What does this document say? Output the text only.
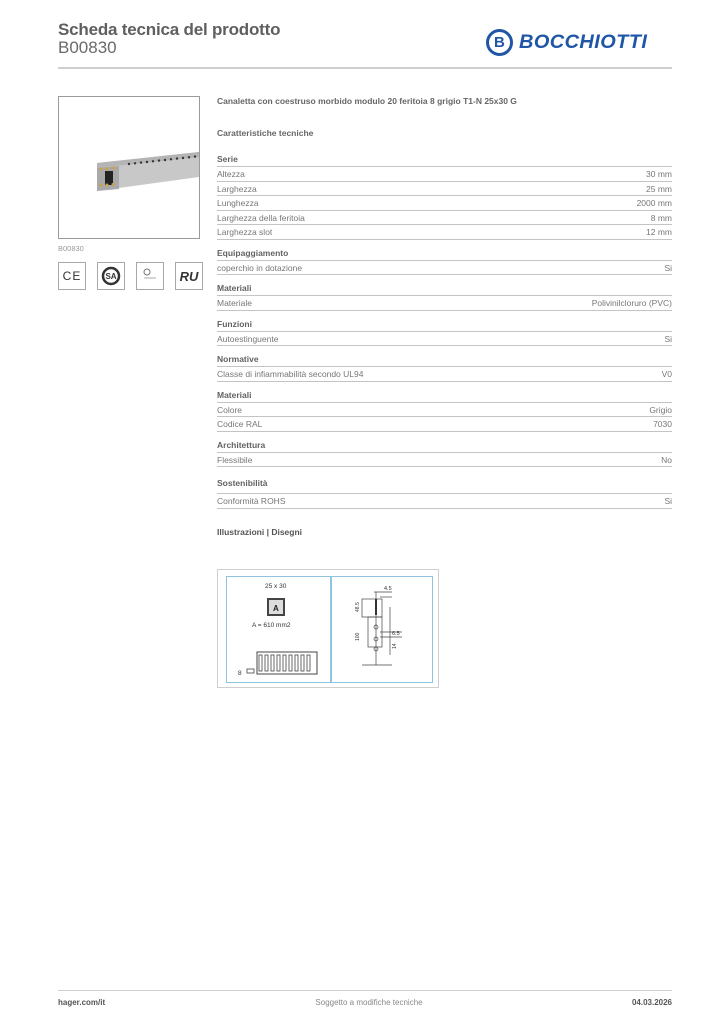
Scheda tecnica del prodotto
B00830	B BOCCHIOTTI
B00830
CE	SA	RU
Canaletta con coestruso morbido modulo 20 feritoia 8 grigio T1-N 25x30 G
Caratteristiche tecniche
Serie
Altezza	30 mm
Larghezza	25 mm
Lunghezza	2000 mm
Larghezza della feritoia	8 mm
Larghezza slot	12 mm
Equipaggiamento
coperchio in dotazione	Si
Materiali
Materiale	Polivinilcloruro (PVC)
Funzioni
Autoestinguente	Si
Normative
Classe di infiammabilità secondo UL94	V0
Materiali
Colore	Grigio
Codice RAL	7030
Architettura
Flessibile	No
Sostenibilità
Conformità ROHS	Si
Illustrazioni | Disegni
25 x 30
A
A = 610 mm2
8
4.5
6.5
48.5
100
14
hager.com/it	Soggetto a modifiche tecniche	04.03.2026
